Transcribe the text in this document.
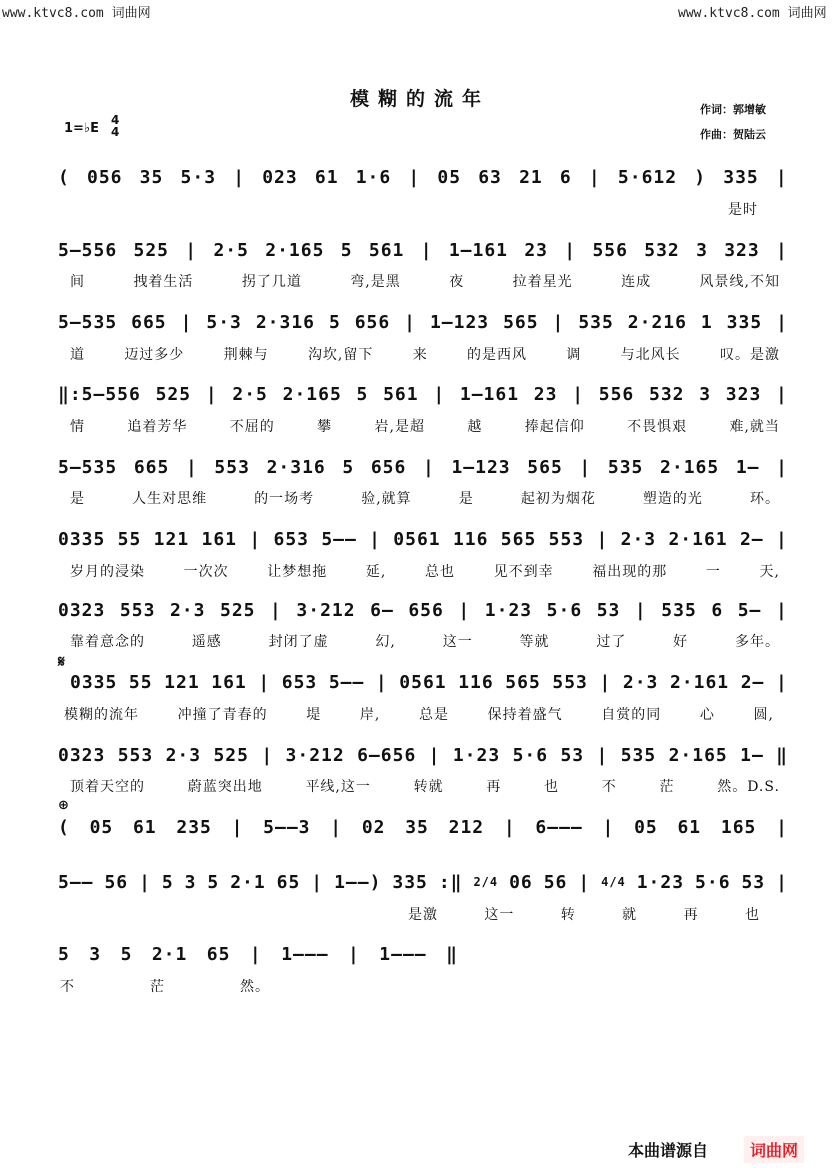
www.ktvc8.com 词曲网	www.ktvc8.com 词曲网
模糊的流年	作词：郭增敏
作曲：贺陆云
1=♭E
4
4
𝄋
⊕
( 056 35 5·3 | 023 61 1·6 | 05 63 21 6 | 5·612 ) 335 |
是时
5—556 525 | 2·5 2·165 5 561 | 1—161 23 | 556 532 3 323 |
间	拽着生活	拐了几道	弯,是黑	夜	拉着星光	连成	风景线,不知
5—535 665 | 5·3 2·316 5 656 | 1—123 565 | 535 2·216 1 335 |
道	迈过多少	荆棘与	沟坎,留下	来	的是西风	调	与北风长	叹。是激
‖:5—556 525 | 2·5 2·165 5 561 | 1—161 23 | 556 532 3 323 |
情	追着芳华	不屈的	攀	岩,是超	越	捧起信仰	不畏惧艰	难,就当
5—535 665 | 553 2·316 5 656 | 1—123 565 | 535 2·165 1— |
是	人生对思维	的一场考	验,就算	是	起初为烟花	塑造的光	环。
0335 55 121 161 | 653 5—— | 0561 116 565 553 | 2·3 2·161 2— |
岁月的浸染	一次次	让梦想拖	延,	总也	见不到幸	福出现的那	一	天,
0323 553 2·3 525 | 3·212 6— 656 | 1·23 5·6 53 | 535 6 5— |
靠着意念的	遥感	封闭了虚	幻,	这一	等就	过了	好	多年。
0335 55 121 161 | 653 5—— | 0561 116 565 553 | 2·3 2·161 2— |
模糊的流年	冲撞了青春的	堤	岸,	总是	保持着盛气	自赏的同	心	圆,
0323 553 2·3 525 | 3·212 6—656 | 1·23 5·6 53 | 535 2·165 1— ‖
顶着天空的	蔚蓝突出地	平线,这一	转就	再	也	不	茫	然。D.S.
( 05 61 235 | 5——3 | 02 35 212 | 6——— | 05 61 165 |
5—— 56 | 5 3 5 2·1 65 | 1——) 335 :‖ 2/4 06 56 | 4/4 1·23 5·6 53 |
是激	这一	转	就	再	也
5 3 5 2·1 65 | 1——— | 1——— ‖
不	茫	然。
本曲谱源自	词曲网
